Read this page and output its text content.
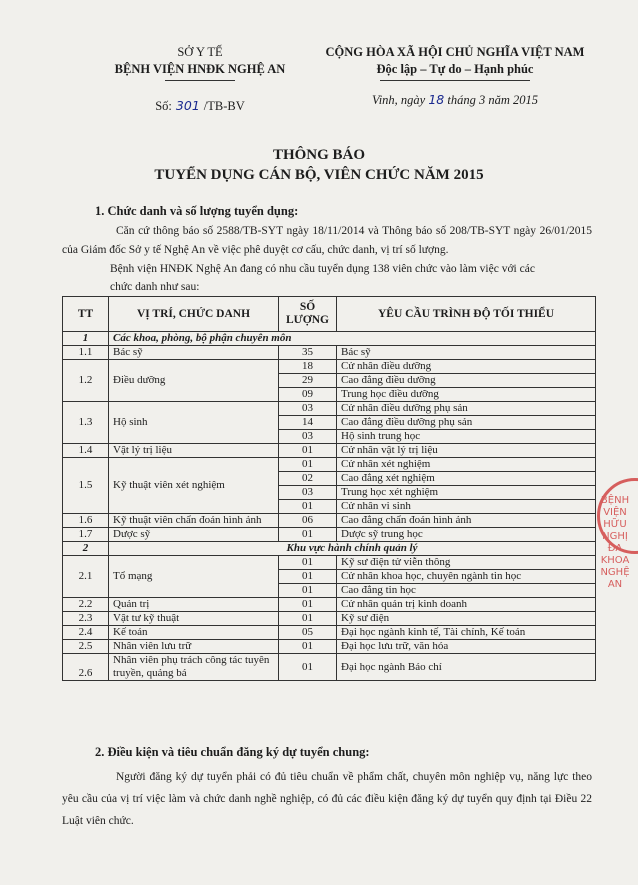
SỞ Y TẾ
BỆNH VIỆN HNĐK NGHỆ AN
Số: 301 /TB-BV
CỘNG HÒA XÃ HỘI CHỦ NGHĨA VIỆT NAM
Độc lập – Tự do – Hạnh phúc
Vinh, ngày 18 tháng 3 năm 2015
THÔNG BÁO
TUYỂN DỤNG CÁN BỘ, VIÊN CHỨC NĂM 2015
1. Chức danh và số lượng tuyển dụng:
Căn cứ thông báo số 2588/TB-SYT ngày 18/11/2014 và Thông báo số 208/TB-SYT ngày 26/01/2015 của Giám đốc Sở y tế Nghệ An về việc phê duyệt cơ cấu, chức danh, vị trí số lượng.
Bệnh viện HNĐK Nghệ An đang có nhu cầu tuyển dụng 138 viên chức vào làm việc với các
chức danh như sau:
TT	VỊ TRÍ, CHỨC DANH	SỐ LƯỢNG	YÊU CẦU TRÌNH ĐỘ TỐI THIỂU
1	Các khoa, phòng, bộ phận chuyên môn		
1.1	Bác sỹ	35	Bác sỹ
1.2	Điều dưỡng	18	Cử nhân điều dưỡng
		29	Cao đẳng điều dưỡng
		09	Trung học điều dưỡng
1.3	Hộ sinh	03	Cử nhân điều dưỡng phụ sản
		14	Cao đẳng điều dưỡng phụ sản
		03	Hộ sinh trung học
1.4	Vật lý trị liệu	01	Cử nhân vật lý trị liệu
1.5	Kỹ thuật viên xét nghiệm	01	Cử nhân xét nghiệm
		02	Cao đẳng xét nghiệm
		03	Trung học xét nghiệm
		01	Cử nhân vi sinh
1.6	Kỹ thuật viên chẩn đoán hình ảnh	06	Cao đẳng chẩn đoán hình ảnh
1.7	Dược sỹ	01	Dược sỹ trung học
2	Khu vực hành chính quản lý		
2.1	Tổ mạng	01	Kỹ sư điện tử viễn thông
		01	Cử nhân khoa học, chuyên ngành tin học
		01	Cao đẳng tin học
2.2	Quản trị	01	Cử nhân quản trị kinh doanh
2.3	Vật tư kỹ thuật	01	Kỹ sư điện
2.4	Kế toán	05	Đại học ngành kinh tế, Tài chính, Kế toán
2.5	Nhân viên lưu trữ	01	Đại học lưu trữ, văn hóa
2.6	Nhân viên phụ trách công tác tuyên truyền, quảng bá	01	Đại học ngành Báo chí
2. Điều kiện và tiêu chuẩn đăng ký dự tuyển chung:
Người đăng ký dự tuyển phải có đủ tiêu chuẩn về phẩm chất, chuyên môn nghiệp vụ, năng lực theo yêu cầu của vị trí việc làm và chức danh nghề nghiệp, có đủ các điều kiện đăng ký dự tuyển quy định tại Điều 22 Luật viên chức.
BỆNH VIỆN HỮU NGHỊ ĐA KHOA NGHỆ AN
